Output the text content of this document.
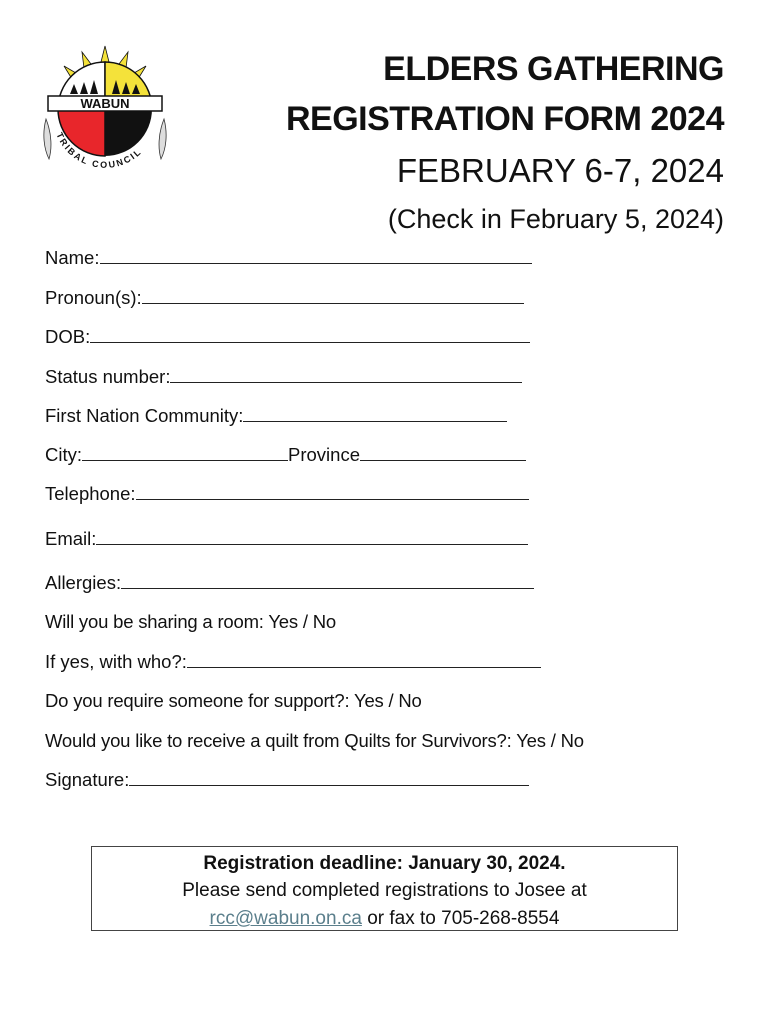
WABUN
TRIBAL COUNCIL
ELDERS GATHERING
REGISTRATION FORM 2024
FEBRUARY 6-7, 2024
(Check in February 5, 2024)
Name:
Pronoun(s):
DOB:
Status number:
First Nation Community:
City:	Province
Telephone:
Email:
Allergies:
Will you be sharing a room: Yes / No
If yes, with who?:
Do you require someone for support?: Yes / No
Would you like to receive a quilt from Quilts for Survivors?: Yes / No
Signature:
Registration deadline: January 30, 2024.
Please send completed registrations to Josee at
rcc@wabun.on.ca or fax to 705-268-8554
